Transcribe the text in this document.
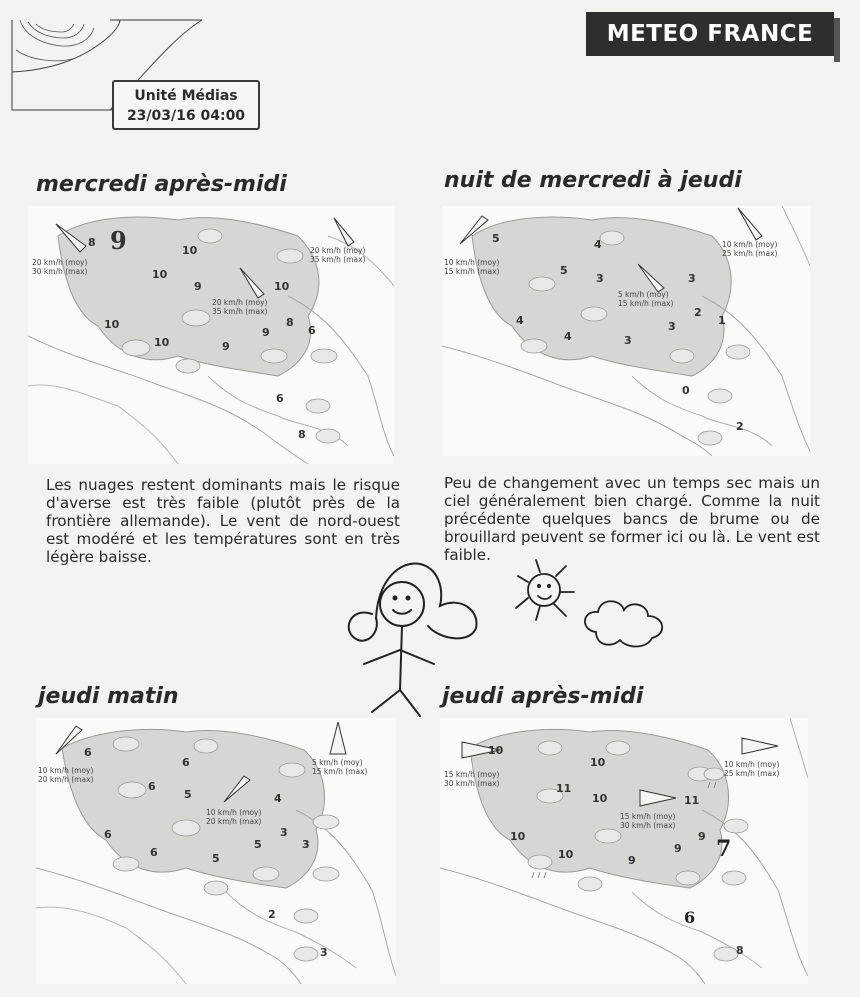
Unité Médias
23/03/16 04:00
METEO FRANCE
mercredi après-midi
20 km/h (moy)
30 km/h (max)
20 km/h (moy)
35 km/h (max)
20 km/h (moy)
35 km/h (max)
8
10
10
9	10
10
9
8
10	9
6
6
8
9
Les nuages restent dominants mais le risque d'averse est très faible (plutôt près de la frontière allemande). Le vent de nord-ouest est modéré et les températures sont en très légère baisse.
nuit de mercredi à jeudi
10 km/h (moy)
15 km/h (max)
5 km/h (moy)
15 km/h (max)
10 km/h (moy)
25 km/h (max)
5	4
5
3	3
4
4
3
2
1
3
0
2
Peu de changement avec un temps sec mais un ciel généralement bien chargé. Comme la nuit précédente quelques bancs de brume ou de brouillard peuvent se former ici ou là. Le vent est faible.
jeudi matin
10 km/h (moy)
20 km/h (max)
10 km/h (moy)
20 km/h (max)
5 km/h (moy)
15 km/h (max)
6
6
6
5	4
6
6	5
5
3
3
2
3
jeudi après-midi
15 km/h (moy)
30 km/h (max)
15 km/h (moy)
30 km/h (max)
10 km/h (moy)
25 km/h (max)
10
10
11
10	11
10
10	9
9
9
8
7
6
